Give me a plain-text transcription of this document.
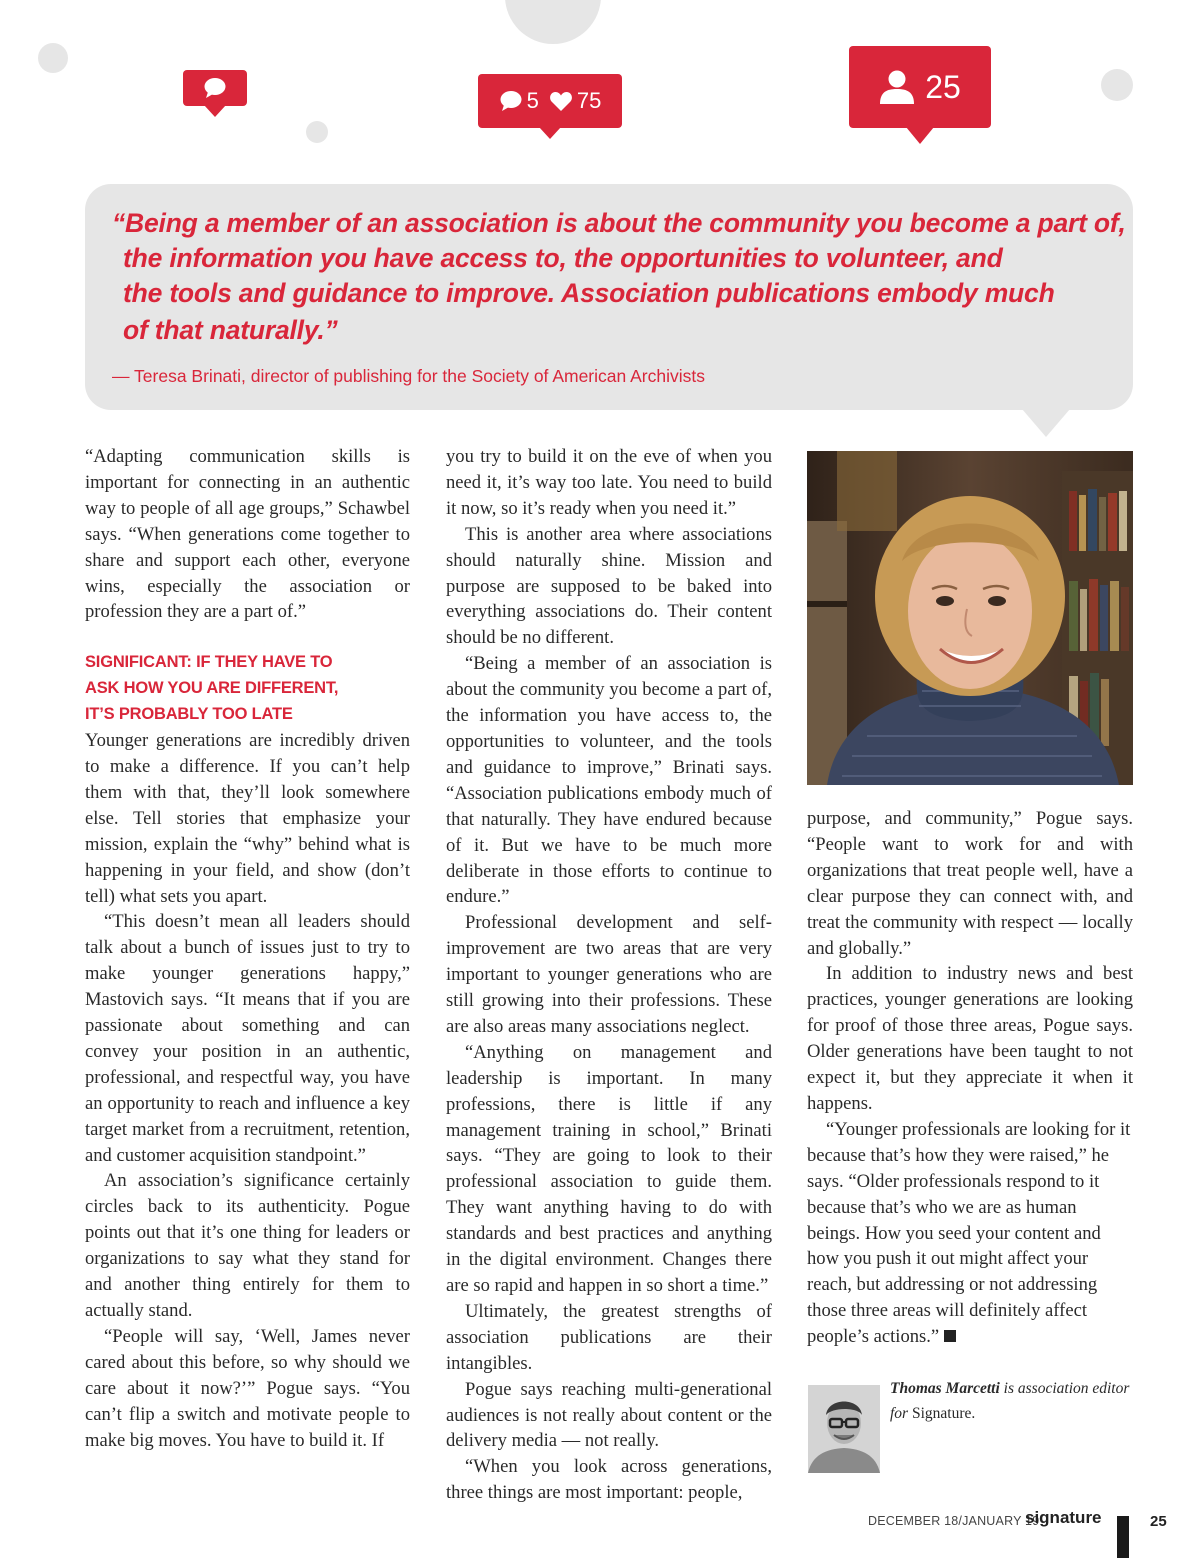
5 75	25

“Being a member of an association is about the community you become a part of,
the information you have access to, the opportunities to volunteer, and
the tools and guidance to improve. Association publications embody much
of that naturally.”

— Teresa Brinati, director of publishing for the Society of American Archivists

“Adapting communication skills is important for connecting in an authentic way to people of all age groups,” Schawbel says. “When generations come together to share and support each other, everyone wins, especially the association or profession they are a part of.”

SIGNIFICANT: IF THEY HAVE TO
ASK HOW YOU ARE DIFFERENT,
IT’S PROBABLY TOO LATE

Younger generations are incredibly driven to make a difference. If you can’t help them with that, they’ll look somewhere else. Tell stories that emphasize your mission, explain the “why” behind what is happening in your field, and show (don’t tell) what sets you apart.

“This doesn’t mean all leaders should talk about a bunch of issues just to try to make younger generations happy,” Mastovich says. “It means that if you are passionate about something and can convey your position in an authentic, professional, and respectful way, you have an opportunity to reach and influence a key target market from a recruitment, retention, and customer acquisition standpoint.”

An association’s significance certainly circles back to its authenticity. Pogue points out that it’s one thing for leaders or organizations to say what they stand for and another thing entirely for them to actually stand.

“People will say, ‘Well, James never cared about this before, so why should we care about it now?’” Pogue says. “You can’t flip a switch and motivate people to make big moves. You have to build it. If

you try to build it on the eve of when you need it, it’s way too late. You need to build it now, so it’s ready when you need it.”

This is another area where associations should naturally shine. Mission and purpose are supposed to be baked into everything associations do. Their content should be no different.

“Being a member of an association is about the community you become a part of, the information you have access to, the opportunities to volunteer, and the tools and guidance to improve,” Brinati says. “Association publications embody much of that naturally. They have endured because of it. But we have to be much more deliberate in those efforts to continue to endure.”

Professional development and self-improvement are two areas that are very important to younger generations who are still growing into their professions. These are also areas many associations neglect.

“Anything on management and leadership is important. In many professions, there is little if any management training in school,” Brinati says. “They are going to look to their professional association to guide them. They want anything having to do with standards and best practices and anything in the digital environment. Changes there are so rapid and happen in so short a time.”

Ultimately, the greatest strengths of association publications are their intangibles.

Pogue says reaching multi-generational audiences is not really about content or the delivery media — not really.

“When you look across generations, three things are most important: people,

purpose, and community,” Pogue says. “People want to work for and with organizations that treat people well, have a clear purpose they can connect with, and treat the community with respect — locally and globally.”

In addition to industry news and best practices, younger generations are looking for proof of those three areas, Pogue says. Older generations have been taught to not expect it, but they appreciate it when it happens.

“Younger professionals are looking for it because that’s how they were raised,” he says. “Older professionals respond to it because that’s who we are as human beings. How you seed your content and how you push it out might affect your reach, but addressing or not addressing those three areas will definitely affect people’s actions.”

Thomas Marcetti is association editor for Signature.

DECEMBER 18/JANUARY 19
signature	25
